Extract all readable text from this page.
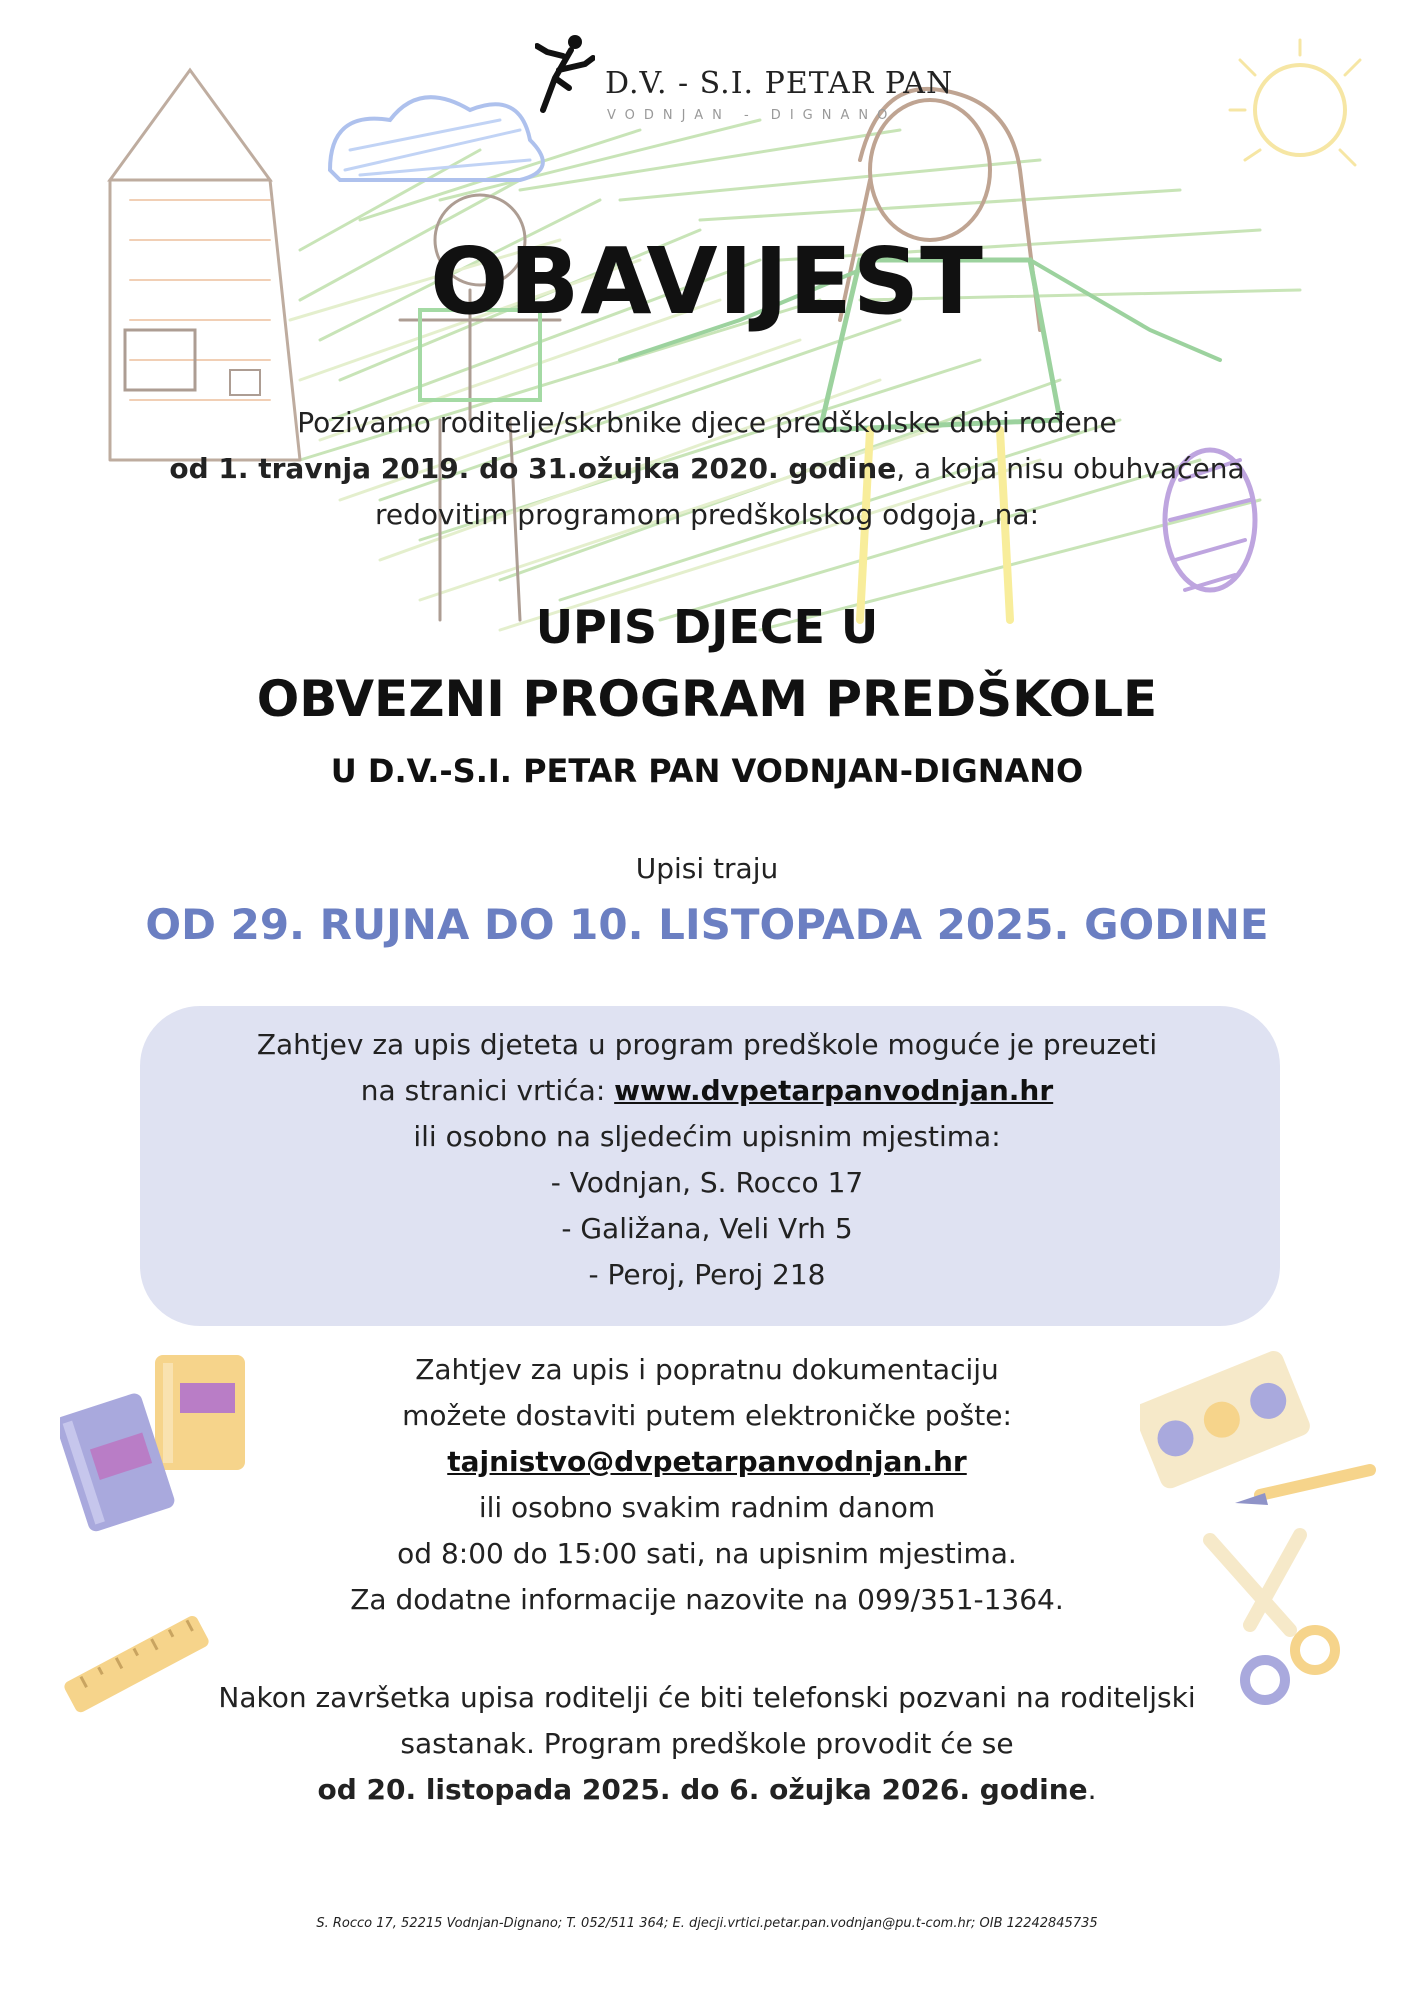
D.V. - S.I. PETAR PAN
VODNJAN - DIGNANO
OBAVIJEST
Pozivamo roditelje/skrbnike djece predškolske dobi rođene
od 1. travnja 2019. do 31.ožujka 2020. godine, a koja nisu obuhvaćena
redovitim programom predškolskog odgoja, na:
UPIS DJECE U
OBVEZNI PROGRAM PREDŠKOLE
U D.V.-S.I. PETAR PAN VODNJAN-DIGNANO
Upisi traju
OD 29. RUJNA DO 10. LISTOPADA 2025. GODINE
Zahtjev za upis djeteta u program predškole moguće je preuzeti
na stranici vrtića: www.dvpetarpanvodnjan.hr
ili osobno na sljedećim upisnim mjestima:
- Vodnjan, S. Rocco 17
- Galižana, Veli Vrh 5
- Peroj, Peroj 218
Zahtjev za upis i popratnu dokumentaciju
možete dostaviti putem elektroničke pošte:
tajnistvo@dvpetarpanvodnjan.hr
ili osobno svakim radnim danom
od 8:00 do 15:00 sati, na upisnim mjestima.
Za dodatne informacije nazovite na 099/351-1364.
Nakon završetka upisa roditelji će biti telefonski pozvani na roditeljski
sastanak. Program predškole provodit će se
od 20. listopada 2025. do 6. ožujka 2026. godine.
S. Rocco 17, 52215 Vodnjan-Dignano; T. 052/511 364; E. djecji.vrtici.petar.pan.vodnjan@pu.t-com.hr; OIB 12242845735
